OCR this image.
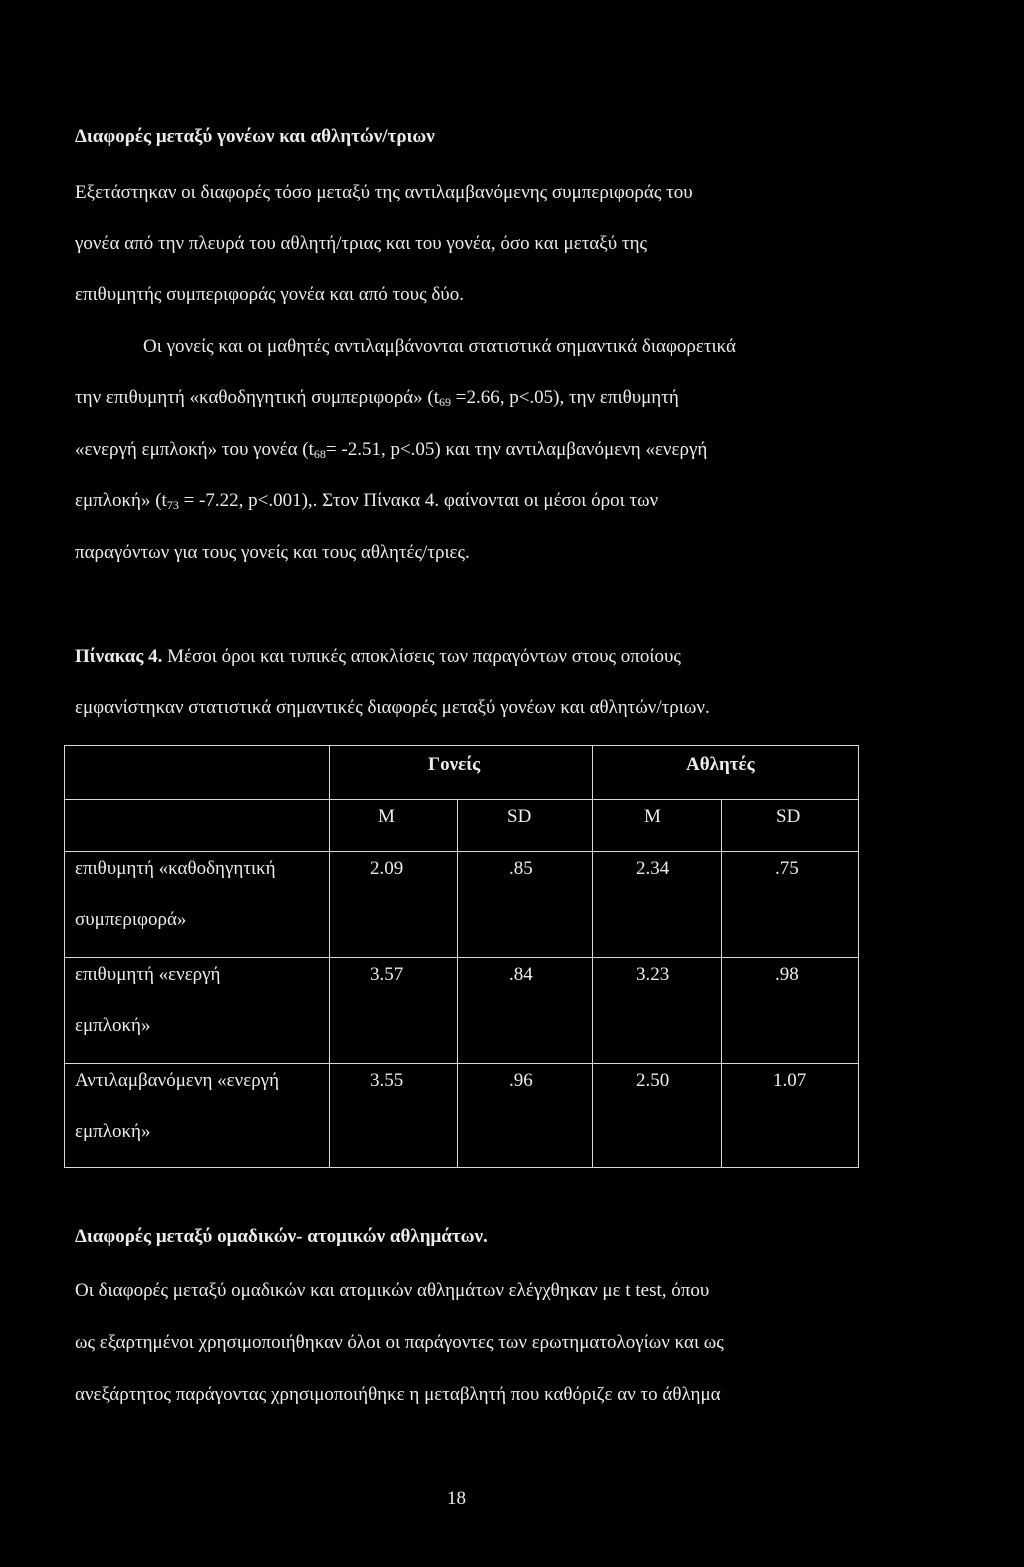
Διαφορές μεταξύ γονέων και αθλητών/τριων
Εξετάστηκαν οι διαφορές τόσο μεταξύ της αντιλαμβανόμενης συμπεριφοράς του
γονέα από την πλευρά του αθλητή/τριας και του γονέα, όσο και μεταξύ της
επιθυμητής συμπεριφοράς γονέα και από τους δύο.
Οι γονείς και οι μαθητές αντιλαμβάνονται στατιστικά σημαντικά διαφορετικά
την επιθυμητή «καθοδηγητική συμπεριφορά» ($t_{69} =2.66$, p<.05), την επιθυμητή
«ενεργή εμπλοκή» του γονέα ($t_{68}= -2.51$, p<.05) και την αντιλαμβανόμενη «ενεργή
εμπλοκή» ($t_{73} = -7.22$, p<.001),. Στον Πίνακα 4. φαίνονται οι μέσοι όροι των
παραγόντων για τους γονείς και τους αθλητές/τριες.
Πίνακας 4. Μέσοι όροι και τυπικές αποκλίσεις των παραγόντων στους οποίους
εμφανίστηκαν στατιστικά σημαντικές διαφορές μεταξύ γονέων και αθλητών/τριων.
Γονείς	Αθλητές
M	SD	M	SD
επιθυμητή «καθοδηγητική
συμπεριφορά»
2.09	.85	2.34	.75
επιθυμητή «ενεργή
εμπλοκή»
3.57	.84	3.23	.98
Αντιλαμβανόμενη «ενεργή
εμπλοκή»
3.55	.96	2.50	1.07
Διαφορές μεταξύ ομαδικών- ατομικών αθλημάτων.
Οι διαφορές μεταξύ ομαδικών και ατομικών αθλημάτων ελέγχθηκαν με t test, όπου
ως εξαρτημένοι χρησιμοποιήθηκαν όλοι οι παράγοντες των ερωτηματολογίων και ως
ανεξάρτητος παράγοντας χρησιμοποιήθηκε η μεταβλητή που καθόριζε αν το άθλημα
18
